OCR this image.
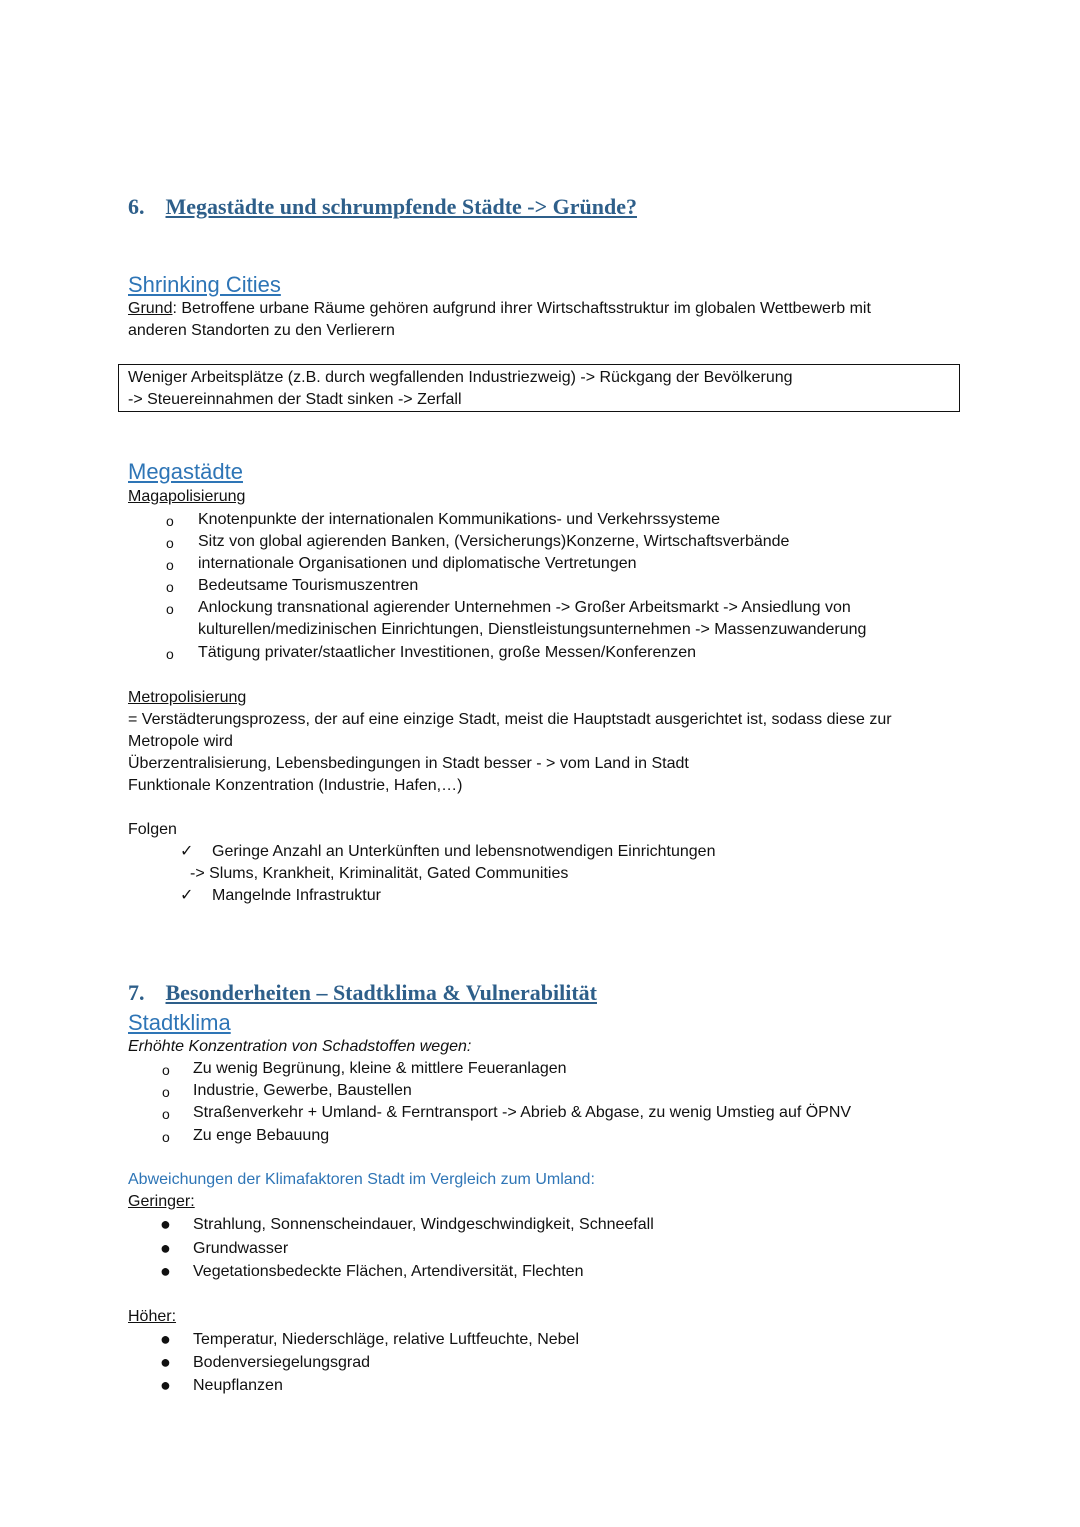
6. Megastädte und schrumpfende Städte -> Gründe?
Shrinking Cities
Grund: Betroffene urbane Räume gehören aufgrund ihrer Wirtschaftsstruktur im globalen Wettbewerb mit
anderen Standorten zu den Verlierern
Weniger Arbeitsplätze (z.B. durch wegfallenden Industriezweig) -> Rückgang der Bevölkerung
-> Steuereinnahmen der Stadt sinken -> Zerfall
Megastädte
Magapolisierung
o Knotenpunkte der internationalen Kommunikations- und Verkehrssysteme
o Sitz von global agierenden Banken, (Versicherungs)Konzerne, Wirtschaftsverbände
o internationale Organisationen und diplomatische Vertretungen
o Bedeutsame Tourismuszentren
o Anlockung transnational agierender Unternehmen -> Großer Arbeitsmarkt -> Ansiedlung von
kulturellen/medizinischen Einrichtungen, Dienstleistungsunternehmen -> Massenzuwanderung
o Tätigung privater/staatlicher Investitionen, große Messen/Konferenzen
Metropolisierung
= Verstädterungsprozess, der auf eine einzige Stadt, meist die Hauptstadt ausgerichtet ist, sodass diese zur
Metropole wird
Überzentralisierung, Lebensbedingungen in Stadt besser - > vom Land in Stadt
Funktionale Konzentration (Industrie, Hafen,…)
Folgen
✓ Geringe Anzahl an Unterkünften und lebensnotwendigen Einrichtungen
-> Slums, Krankheit, Kriminalität, Gated Communities
✓ Mangelnde Infrastruktur
7. Besonderheiten – Stadtklima & Vulnerabilität
Stadtklima
Erhöhte Konzentration von Schadstoffen wegen:
o Zu wenig Begrünung, kleine & mittlere Feueranlagen
o Industrie, Gewerbe, Baustellen
o Straßenverkehr + Umland- & Ferntransport -> Abrieb & Abgase, zu wenig Umstieg auf ÖPNV
o Zu enge Bebauung
Abweichungen der Klimafaktoren Stadt im Vergleich zum Umland:
Geringer:
● Strahlung, Sonnenscheindauer, Windgeschwindigkeit, Schneefall
● Grundwasser
● Vegetationsbedeckte Flächen, Artendiversität, Flechten
Höher:
● Temperatur, Niederschläge, relative Luftfeuchte, Nebel
● Bodenversiegelungsgrad
● Neupflanzen
